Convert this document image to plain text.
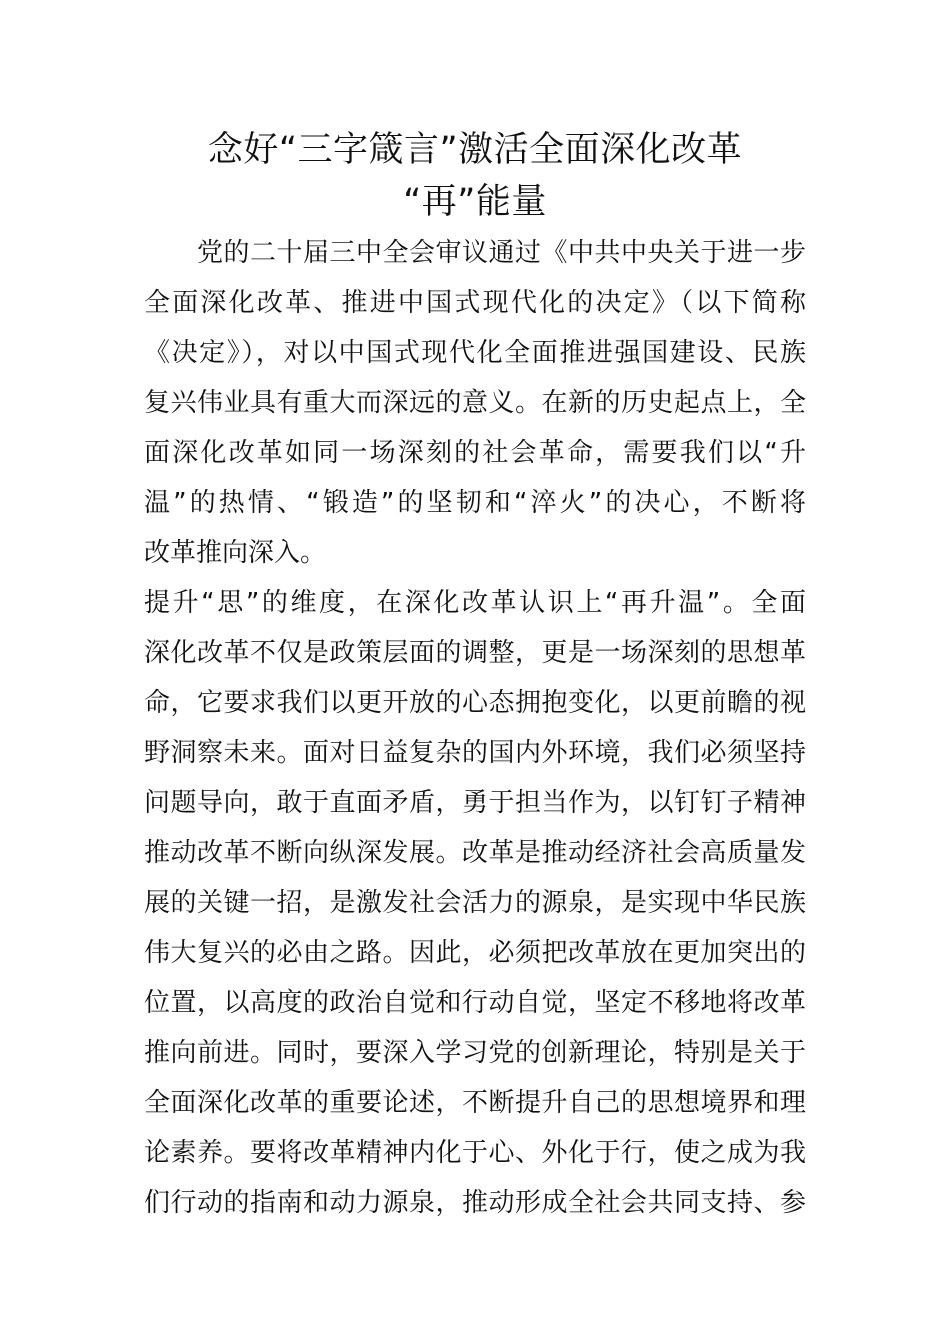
念好“三字箴言”激活全面深化改革
“再”能量

　　党的二十届三中全会审议通过《中共中央关于进一步

全面深化改革、推进中国式现代化的决定》（以下简称

《决定》），对以中国式现代化全面推进强国建设、民族

复兴伟业具有重大而深远的意义。在新的历史起点上，全

面深化改革如同一场深刻的社会革命，需要我们以“升

温”的热情、“锻造”的坚韧和“淬火”的决心，不断将

改革推向深入。

提升“思”的维度，在深化改革认识上“再升温”。全面

深化改革不仅是政策层面的调整，更是一场深刻的思想革

命，它要求我们以更开放的心态拥抱变化，以更前瞻的视

野洞察未来。面对日益复杂的国内外环境，我们必须坚持

问题导向，敢于直面矛盾，勇于担当作为，以钉钉子精神

推动改革不断向纵深发展。改革是推动经济社会高质量发

展的关键一招，是激发社会活力的源泉，是实现中华民族

伟大复兴的必由之路。因此，必须把改革放在更加突出的

位置，以高度的政治自觉和行动自觉，坚定不移地将改革

推向前进。同时，要深入学习党的创新理论，特别是关于

全面深化改革的重要论述，不断提升自己的思想境界和理

论素养。要将改革精神内化于心、外化于行，使之成为我

们行动的指南和动力源泉，推动形成全社会共同支持、参
